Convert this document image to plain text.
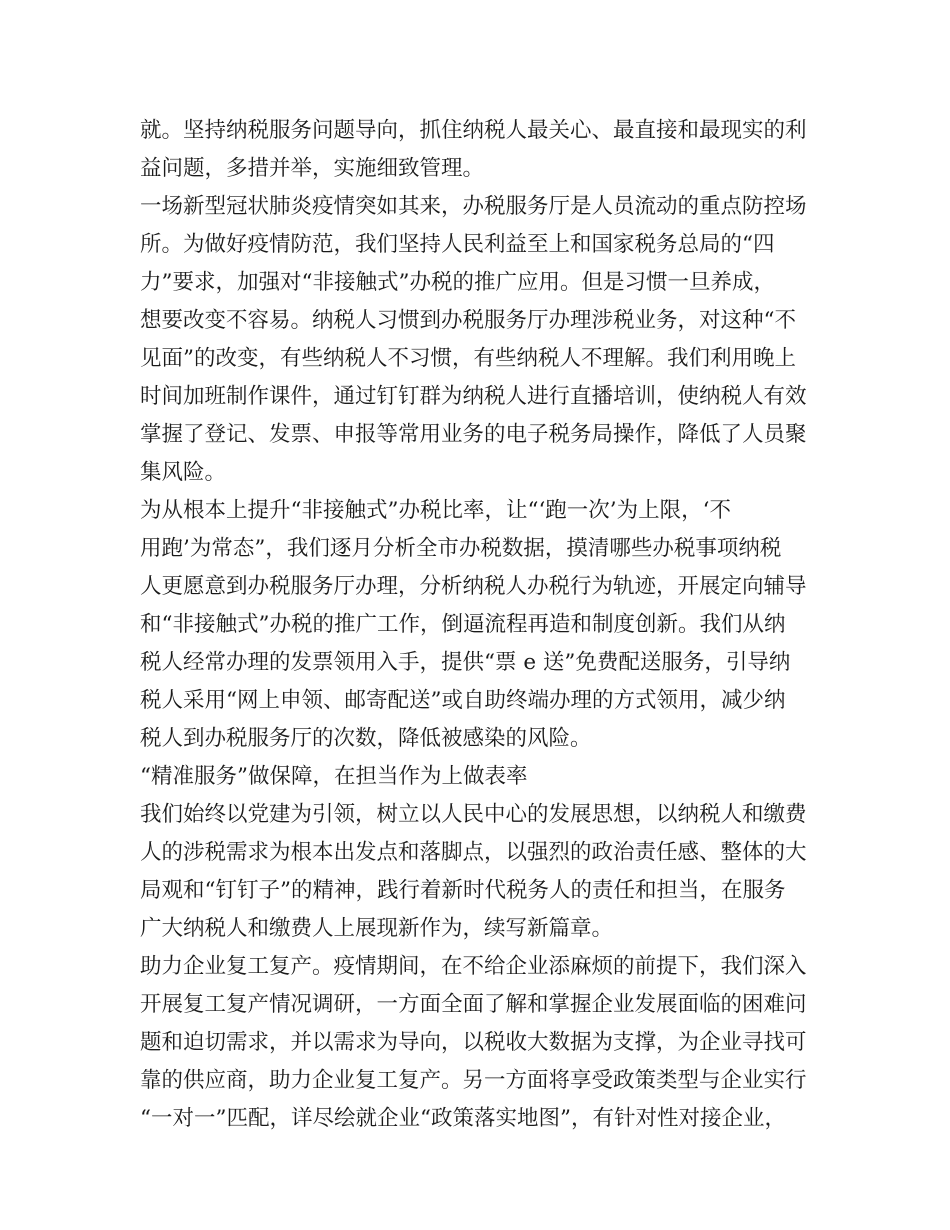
就。坚持纳税服务问题导向，抓住纳税人最关心、最直接和最现实的利
益问题，多措并举，实施细致管理。
一场新型冠状肺炎疫情突如其来，办税服务厅是人员流动的重点防控场
所。为做好疫情防范，我们坚持人民利益至上和国家税务总局的“四
力”要求，加强对“非接触式”办税的推广应用。但是习惯一旦养成，
想要改变不容易。纳税人习惯到办税服务厅办理涉税业务，对这种“不
见面”的改变，有些纳税人不习惯，有些纳税人不理解。我们利用晚上
时间加班制作课件，通过钉钉群为纳税人进行直播培训，使纳税人有效
掌握了登记、发票、申报等常用业务的电子税务局操作，降低了人员聚
集风险。
为从根本上提升“非接触式”办税比率，让“‘跑一次’为上限，‘不
用跑’为常态”，我们逐月分析全市办税数据，摸清哪些办税事项纳税
人更愿意到办税服务厅办理，分析纳税人办税行为轨迹，开展定向辅导
和“非接触式”办税的推广工作，倒逼流程再造和制度创新。我们从纳
税人经常办理的发票领用入手，提供“票 e 送”免费配送服务，引导纳
税人采用“网上申领、邮寄配送”或自助终端办理的方式领用，减少纳
税人到办税服务厅的次数，降低被感染的风险。
“精准服务”做保障，在担当作为上做表率
我们始终以党建为引领，树立以人民中心的发展思想，以纳税人和缴费
人的涉税需求为根本出发点和落脚点，以强烈的政治责任感、整体的大
局观和“钉钉子”的精神，践行着新时代税务人的责任和担当，在服务
广大纳税人和缴费人上展现新作为，续写新篇章。
助力企业复工复产。疫情期间，在不给企业添麻烦的前提下，我们深入
开展复工复产情况调研，一方面全面了解和掌握企业发展面临的困难问
题和迫切需求，并以需求为导向，以税收大数据为支撑，为企业寻找可
靠的供应商，助力企业复工复产。另一方面将享受政策类型与企业实行
“一对一”匹配，详尽绘就企业“政策落实地图”，有针对性对接企业，
